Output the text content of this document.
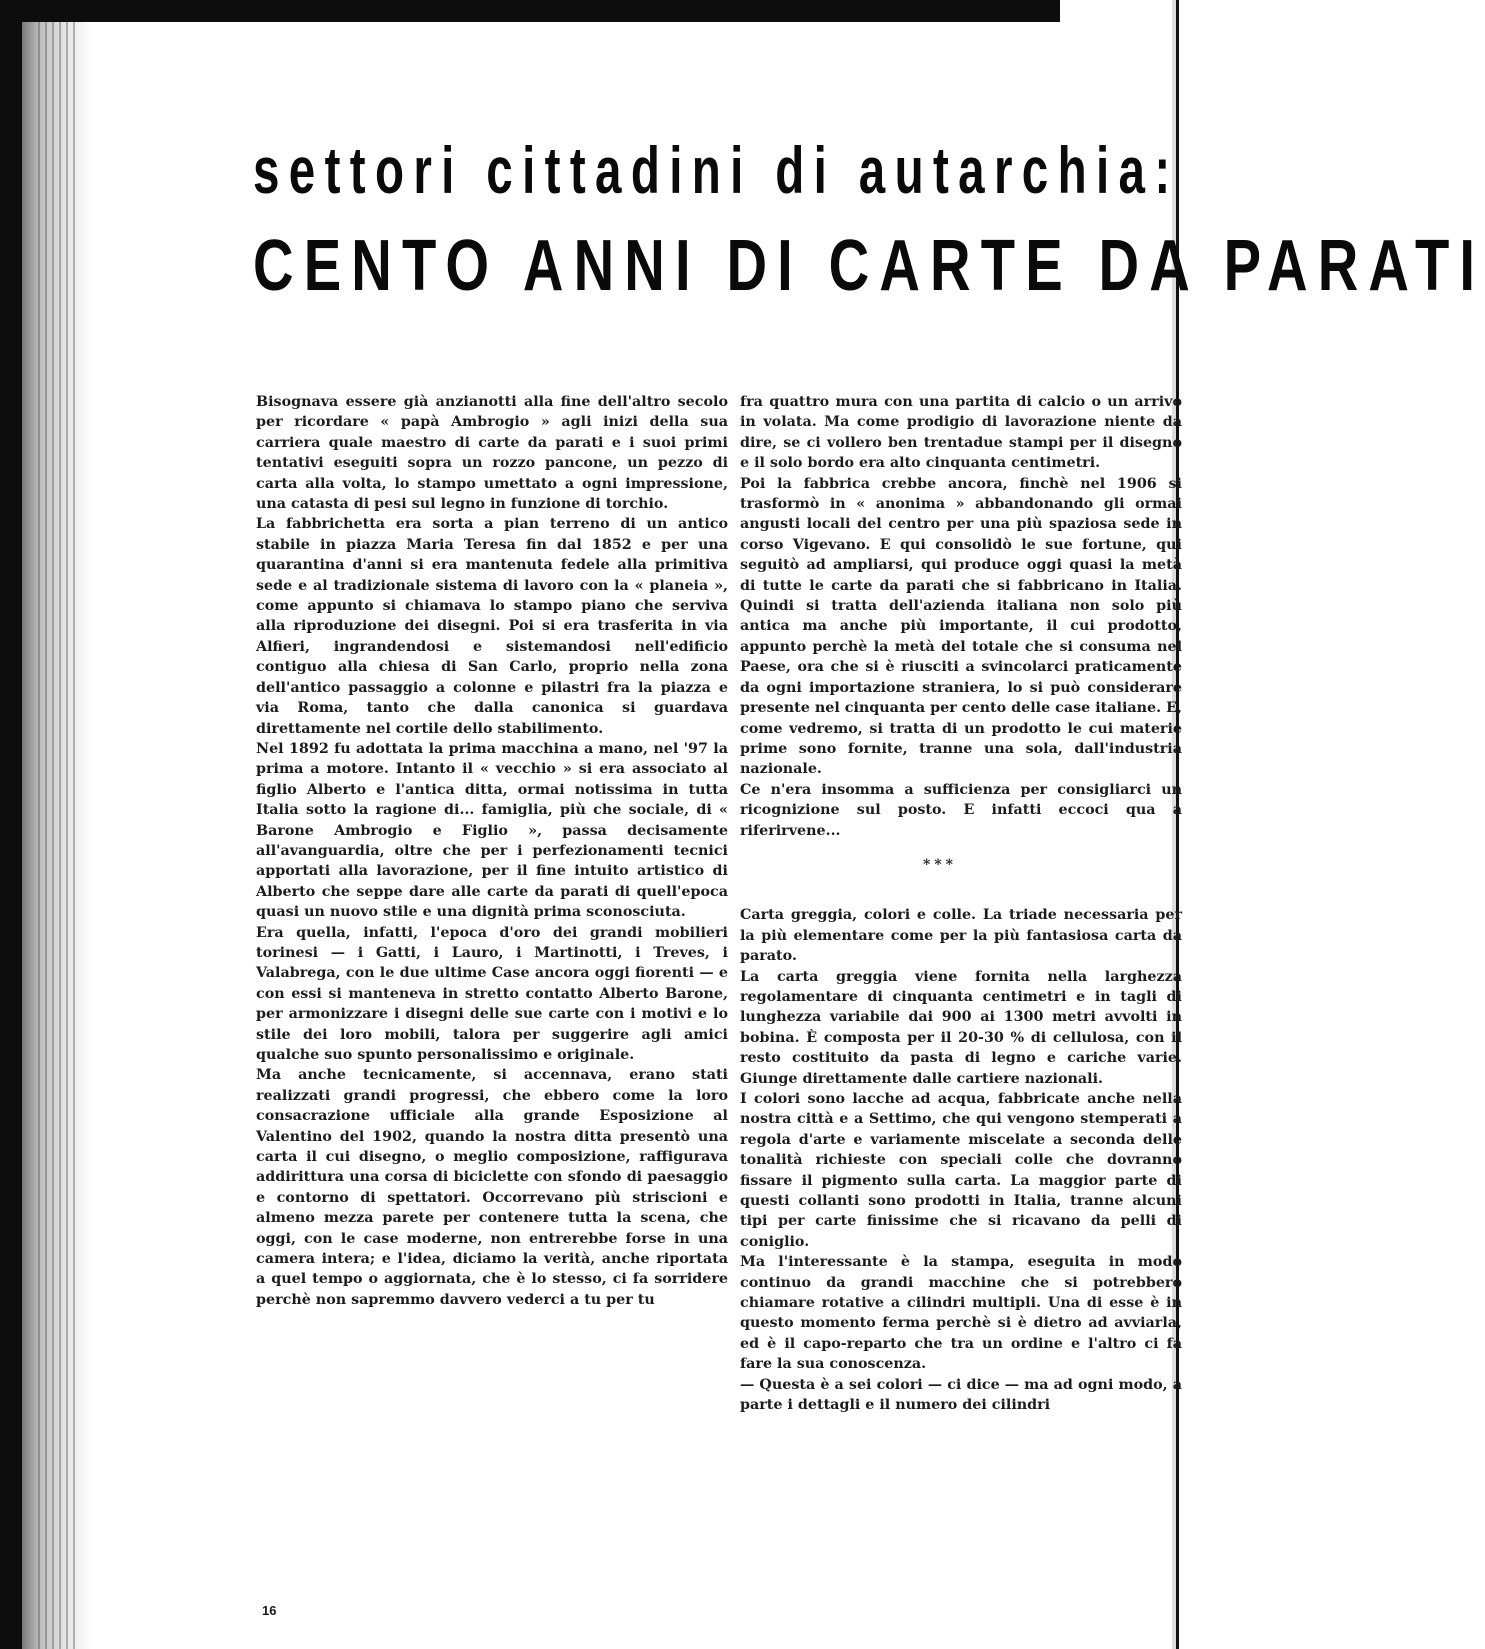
settori cittadini di autarchia:
CENTO ANNI DI CARTE DA PARATI

Bisognava essere già anzianotti alla fine dell'altro secolo per ricordare « papà Ambrogio » agli inizi della sua carriera quale maestro di carte da parati e i suoi primi tentativi eseguiti sopra un rozzo pancone, un pezzo di carta alla volta, lo stampo umettato a ogni impressione, una catasta di pesi sul legno in funzione di torchio.

La fabbrichetta era sorta a pian terreno di un antico stabile in piazza Maria Teresa fin dal 1852 e per una quarantina d'anni si era mantenuta fedele alla primitiva sede e al tradizionale sistema di lavoro con la « planeia », come appunto si chiamava lo stampo piano che serviva alla riproduzione dei disegni. Poi si era trasferita in via Alfieri, ingrandendosi e sistemandosi nell'edificio contiguo alla chiesa di San Carlo, proprio nella zona dell'antico passaggio a colonne e pilastri fra la piazza e via Roma, tanto che dalla canonica si guardava direttamente nel cortile dello stabilimento.

Nel 1892 fu adottata la prima macchina a mano, nel '97 la prima a motore. Intanto il « vecchio » si era associato al figlio Alberto e l'antica ditta, ormai notissima in tutta Italia sotto la ragione di... famiglia, più che sociale, di « Barone Ambrogio e Figlio », passa decisamente all'avanguardia, oltre che per i perfezionamenti tecnici apportati alla lavorazione, per il fine intuito artistico di Alberto che seppe dare alle carte da parati di quell'epoca quasi un nuovo stile e una dignità prima sconosciuta.

Era quella, infatti, l'epoca d'oro dei grandi mobilieri torinesi — i Gatti, i Lauro, i Martinotti, i Treves, i Valabrega, con le due ultime Case ancora oggi fiorenti — e con essi si manteneva in stretto contatto Alberto Barone, per armonizzare i disegni delle sue carte con i motivi e lo stile dei loro mobili, talora per suggerire agli amici qualche suo spunto personalissimo e originale.

Ma anche tecnicamente, si accennava, erano stati realizzati grandi progressi, che ebbero come la loro consacrazione ufficiale alla grande Esposizione al Valentino del 1902, quando la nostra ditta presentò una carta il cui disegno, o meglio composizione, raffigurava addirittura una corsa di biciclette con sfondo di paesaggio e contorno di spettatori. Occorrevano più striscioni e almeno mezza parete per contenere tutta la scena, che oggi, con le case moderne, non entrerebbe forse in una camera intera; e l'idea, diciamo la verità, anche riportata a quel tempo o aggiornata, che è lo stesso, ci fa sorridere perchè non sapremmo davvero vederci a tu per tu

fra quattro mura con una partita di calcio o un arrivo in volata. Ma come prodigio di lavorazione niente da dire, se ci vollero ben trentadue stampi per il disegno e il solo bordo era alto cinquanta centimetri.

Poi la fabbrica crebbe ancora, finchè nel 1906 si trasformò in « anonima » abbandonando gli ormai angusti locali del centro per una più spaziosa sede in corso Vigevano. E qui consolidò le sue fortune, qui seguitò ad ampliarsi, qui produce oggi quasi la metà di tutte le carte da parati che si fabbricano in Italia. Quindi si tratta dell'azienda italiana non solo più antica ma anche più importante, il cui prodotto, appunto perchè la metà del totale che si consuma nel Paese, ora che si è riusciti a svincolarci praticamente da ogni importazione straniera, lo si può considerare presente nel cinquanta per cento delle case italiane. E, come vedremo, si tratta di un prodotto le cui materie prime sono fornite, tranne una sola, dall'industria nazionale.

Ce n'era insomma a sufficienza per consigliarci un ricognizione sul posto. E infatti eccoci qua a riferirvene...

***

Carta greggia, colori e colle. La triade necessaria per la più elementare come per la più fantasiosa carta da parato.

La carta greggia viene fornita nella larghezza regolamentare di cinquanta centimetri e in tagli di lunghezza variabile dai 900 ai 1300 metri avvolti in bobina. È composta per il 20-30 % di cellulosa, con il resto costituito da pasta di legno e cariche varie. Giunge direttamente dalle cartiere nazionali.

I colori sono lacche ad acqua, fabbricate anche nella nostra città e a Settimo, che qui vengono stemperati a regola d'arte e variamente miscelate a seconda delle tonalità richieste con speciali colle che dovranno fissare il pigmento sulla carta. La maggior parte di questi collanti sono prodotti in Italia, tranne alcuni tipi per carte finissime che si ricavano da pelli di coniglio.

Ma l'interessante è la stampa, eseguita in modo continuo da grandi macchine che si potrebbero chiamare rotative a cilindri multipli. Una di esse è in questo momento ferma perchè si è dietro ad avviarla, ed è il capo-reparto che tra un ordine e l'altro ci fa fare la sua conoscenza.

— Questa è a sei colori — ci dice — ma ad ogni modo, a parte i dettagli e il numero dei cilindri

16
